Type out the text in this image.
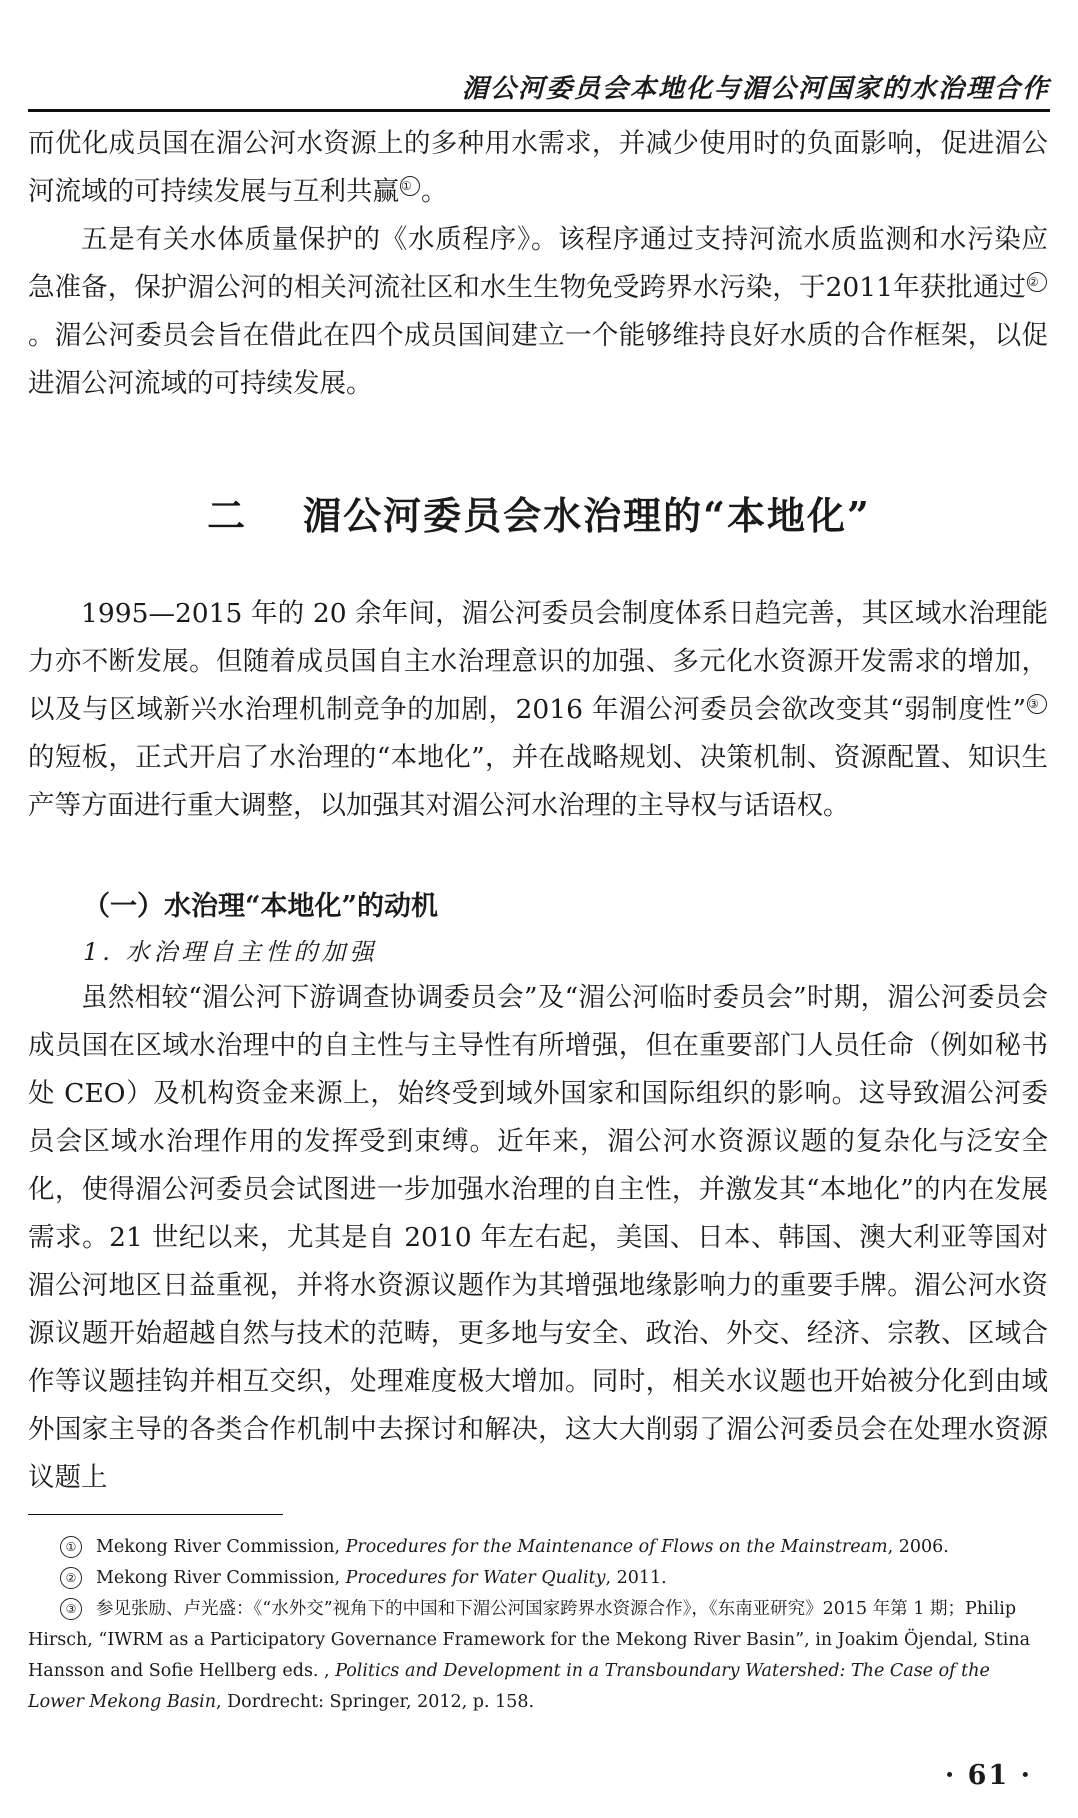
湄公河委员会本地化与湄公河国家的水治理合作

而优化成员国在湄公河水资源上的多种用水需求，并减少使用时的负面影响，促进湄公河流域的可持续发展与互利共赢 ① 。

五是有关水体质量保护的《水质程序》。该程序通过支持河流水质监测和水污染应急准备，保护湄公河的相关河流社区和水生生物免受跨界水污染，于2011年获批通过 ②。湄公河委员会旨在借此在四个成员国间建立一个能够维持良好水质的合作框架，以促进湄公河流域的可持续发展。

二 湄公河委员会水治理的“本地化”

1995—2015 年的 20 余年间，湄公河委员会制度体系日趋完善，其区域水治理能力亦不断发展。但随着成员国自主水治理意识的加强、多元化水资源开发需求的增加，以及与区域新兴水治理机制竞争的加剧，2016 年湄公河委员会欲改变其“弱制度性” ③ 的短板，正式开启了水治理的“本地化”，并在战略规划、决策机制、资源配置、知识生产等方面进行重大调整，以加强其对湄公河水治理的主导权与话语权。

（一）水治理“本地化”的动机

1. 水治理自主性的加强

虽然相较“湄公河下游调查协调委员会”及“湄公河临时委员会”时期，湄公河委员会成员国在区域水治理中的自主性与主导性有所增强，但在重要部门人员任命（例如秘书处 CEO）及机构资金来源上，始终受到域外国家和国际组织的影响。这导致湄公河委员会区域水治理作用的发挥受到束缚。近年来，湄公河水资源议题的复杂化与泛安全化，使得湄公河委员会试图进一步加强水治理的自主性，并激发其“本地化”的内在发展需求。21 世纪以来，尤其是自 2010 年左右起，美国、日本、韩国、澳大利亚等国对湄公河地区日益重视，并将水资源议题作为其增强地缘影响力的重要手牌。湄公河水资源议题开始超越自然与技术的范畴，更多地与安全、政治、外交、经济、宗教、区域合作等议题挂钩并相互交织，处理难度极大增加。同时，相关水议题也开始被分化到由域外国家主导的各类合作机制中去探讨和解决，这大大削弱了湄公河委员会在处理水资源议题上

① Mekong River Commission, Procedures for the Maintenance of Flows on the Mainstream, 2006.

② Mekong River Commission, Procedures for Water Quality, 2011.

③ 参见张励、卢光盛：《“水外交”视角下的中国和下湄公河国家跨界水资源合作》，《东南亚研究》2015 年第 1 期；Philip Hirsch, “IWRM as a Participatory Governance Framework for the Mekong River Basin”, in Joakim Öjendal, Stina Hansson and Sofie Hellberg eds. , Politics and Development in a Transboundary Watershed: The Case of the Lower Mekong Basin, Dordrecht: Springer, 2012, p. 158.

· 61 ·
